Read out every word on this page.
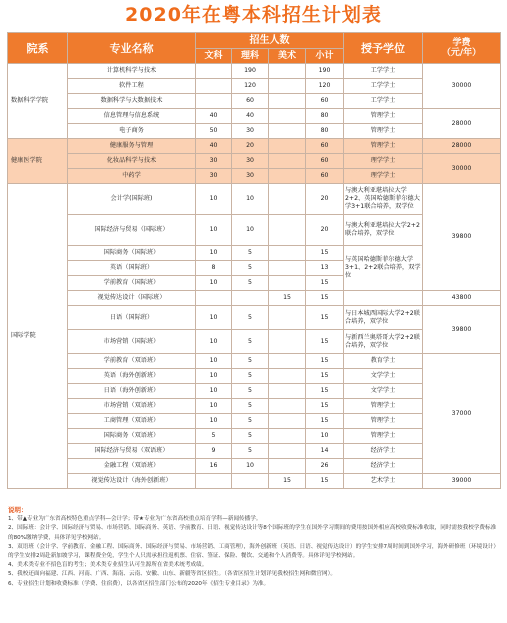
2020年在粤本科招生计划表
院系	专业名称	招生人数				授予学位	学费
（元/年）

		文科	理科	美术	小计		
数据科学学院	计算机科学与技术		190		190	工学学士	30000
	软件工程		120		120	工学学士	
	数据科学与大数据技术		60		60	工学学士	
	信息管理与信息系统	40	40		80	管理学士	28000
	电子商务	50	30		80	管理学士	
健康医学院	健康服务与管理	40	20		60	管理学士	28000
	化妆品科学与技术	30	30		60	理学学士	30000
	中药学	30	30		60	理学学士	
国际学院	会计学(国际班)	10	10		20	与澳大利亚堪培拉大学2+2、英国哈德斯菲尔德大学3+1联合培养，双学位	39800
	国际经济与贸易（国际班）	10	10		20	与澳大利亚堪培拉大学2+2联合培养，双学位	
	国际商务（国际班）	10	5		15	与英国哈德斯菲尔德大学3+1、2+2联合培养，双学位	
	英语（国际班）	8	5		13		
	学前教育（国际班）	10	5		15		
	视觉传达设计（国际班）			15	15		43800
	日语（国际班）	10	5		15	与日本城西国际大学2+2联合培养，双学位	39800
	市场营销（国际班）	10	5		15	与新西兰奥塔哥大学2+2联合培养，双学位	
	学前教育（双语班）	10	5		15	教育学士	37000
	英语（海外创新班）	10	5		15	文学学士	
	日语（海外创新班）	10	5		15	文学学士	
	市场营销（双语班）	10	5		15	管理学士	
	工商管理（双语班）	10	5		15	管理学士	
	国际商务（双语班）	5	5		10	管理学士	
	国际经济与贸易（双语班）	9	5		14	经济学士	
	金融工程（双语班）	16	10		26	经济学士	
	视觉传达设计（海外创新班）			15	15	艺术学士	39000

说明：

1、带▲专业为广东省高校特色重点学科—会计学；带★专业为广东省高校重点培育学科—新闻传播学。

2、国际班：会计学、国际经济与贸易、市场营销、国际商务、英语、学前教育、日语、视觉传达设计等8个国际班的学生在国外学习期间的费用按国外相应高校收费标准收取，同时需按我校学费标准的80%缴纳学费，具体详见学校网站。

3、双语班（会计学、学前教育、金融工程、国际商务、国际经济与贸易、市场营销、工商管理），海外创新班（英语、日语、视觉传达设计）的学生安排7周时间到国外学习，海外研修班（环境设计）的学生安排2周赴新加坡学习，课程费全免，学生个人只需承担往返机票、住宿、签证、保险、餐饮、交通和个人消费等。具体详见学校网站。

4、美术类专业不招色盲的考生；美术类专业招生认可生源所在省美术统考成绩。

5、我校还面向福建、江西、河南、广西、海南、云南、安徽、山东、新疆等省区招生。（各省区招生计划详见我校招生网和微官网）。

6、专业招生计划和收费标准（学费、住宿费），以各省区招生部门公布的2020年《招生专业目录》为准。
